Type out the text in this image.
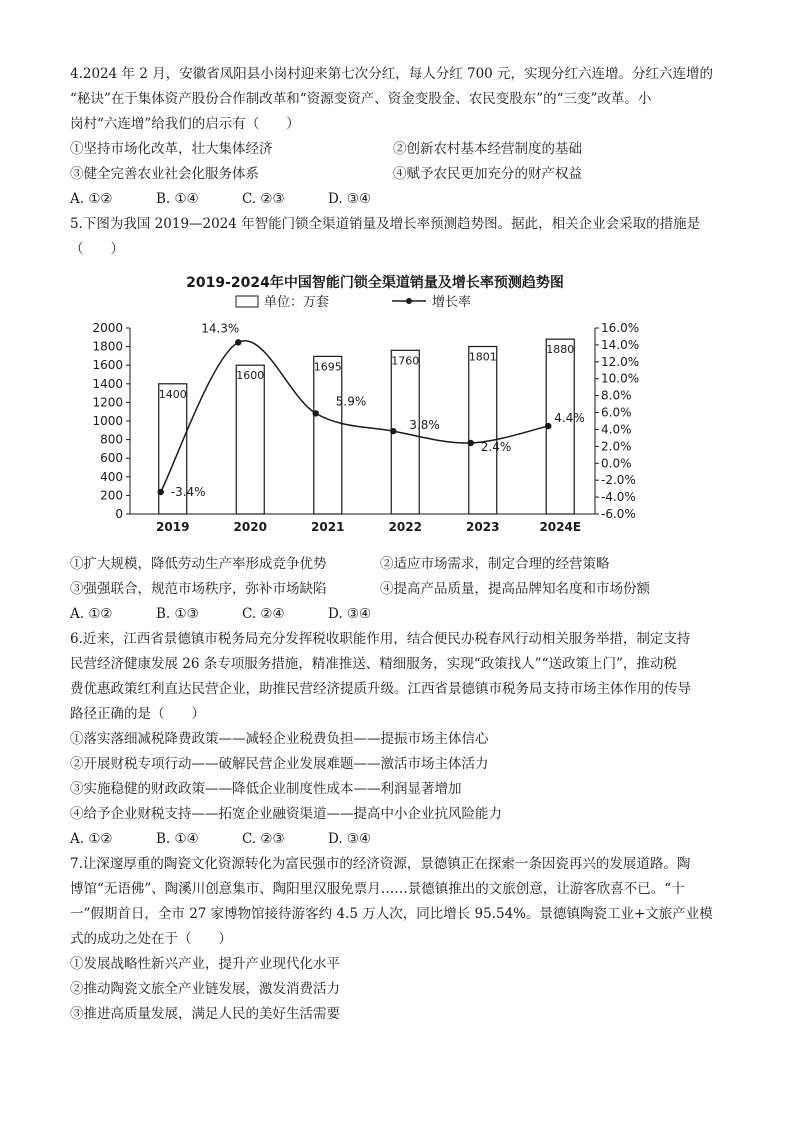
4.2024 年 2 月，安徽省凤阳县小岗村迎来第七次分红，每人分红 700 元，实现分红六连增。分红六连增的
“秘诀”在于集体资产股份合作制改革和“资源变资产、资金变股金、农民变股东”的“三变”改革。小
岗村“六连增”给我们的启示有（　　）
①坚持市场化改革，壮大集体经济	②创新农村基本经营制度的基础
③健全完善农业社会化服务体系	④赋予农民更加充分的财产权益
A. ①②	B. ①④	C. ②③	D. ③④
5.下图为我国 2019—2024 年智能门锁全渠道销量及增长率预测趋势图。据此，相关企业会采取的措施是
（　　）
2019-2024年中国智能门锁全渠道销量及增长率预测趋势图
单位：万套	增长率
0
200
400
600
800
1000
1200
1400
1600
1800
2000
-6.0%
-4.0%
-2.0%
0.0%
2.0%
4.0%
6.0%
8.0%
10.0%
12.0%
14.0%
16.0%
1400
1600
1695	1760	1801
1880
2019	2020	2021	2022	2023	2024E
-3.4%
14.3%
5.9%
3.8%
2.4%
4.4%
①扩大规模，降低劳动生产率形成竞争优势	②适应市场需求，制定合理的经营策略
③强强联合，规范市场秩序，弥补市场缺陷	④提高产品质量，提高品牌知名度和市场份额
A. ①②	B. ①③	C. ②④	D. ③④
6.近来，江西省景德镇市税务局充分发挥税收职能作用，结合便民办税春风行动相关服务举措，制定支持
民营经济健康发展 26 条专项服务措施，精准推送、精细服务，实现“政策找人”“送政策上门”，推动税
费优惠政策红利直达民营企业，助推民营经济提质升级。江西省景德镇市税务局支持市场主体作用的传导
路径正确的是（　　）
①落实落细减税降费政策——减轻企业税费负担——提振市场主体信心
②开展财税专项行动——破解民营企业发展难题——激活市场主体活力
③实施稳健的财政政策——降低企业制度性成本——利润显著增加
④给予企业财税支持——拓宽企业融资渠道——提高中小企业抗风险能力
A. ①②	B. ①④	C. ②③	D. ③④
7.让深邃厚重的陶瓷文化资源转化为富民强市的经济资源，景德镇正在探索一条因瓷再兴的发展道路。陶
博馆“无语佛”、陶溪川创意集市、陶阳里汉服免票月……景德镇推出的文旅创意，让游客欣喜不已。“十
一”假期首日，全市 27 家博物馆接待游客约 4.5 万人次，同比增长 95.54%。景德镇陶瓷工业+文旅产业模
式的成功之处在于（　　）
①发展战略性新兴产业，提升产业现代化水平
②推动陶瓷文旅全产业链发展，激发消费活力
③推进高质量发展，满足人民的美好生活需要
